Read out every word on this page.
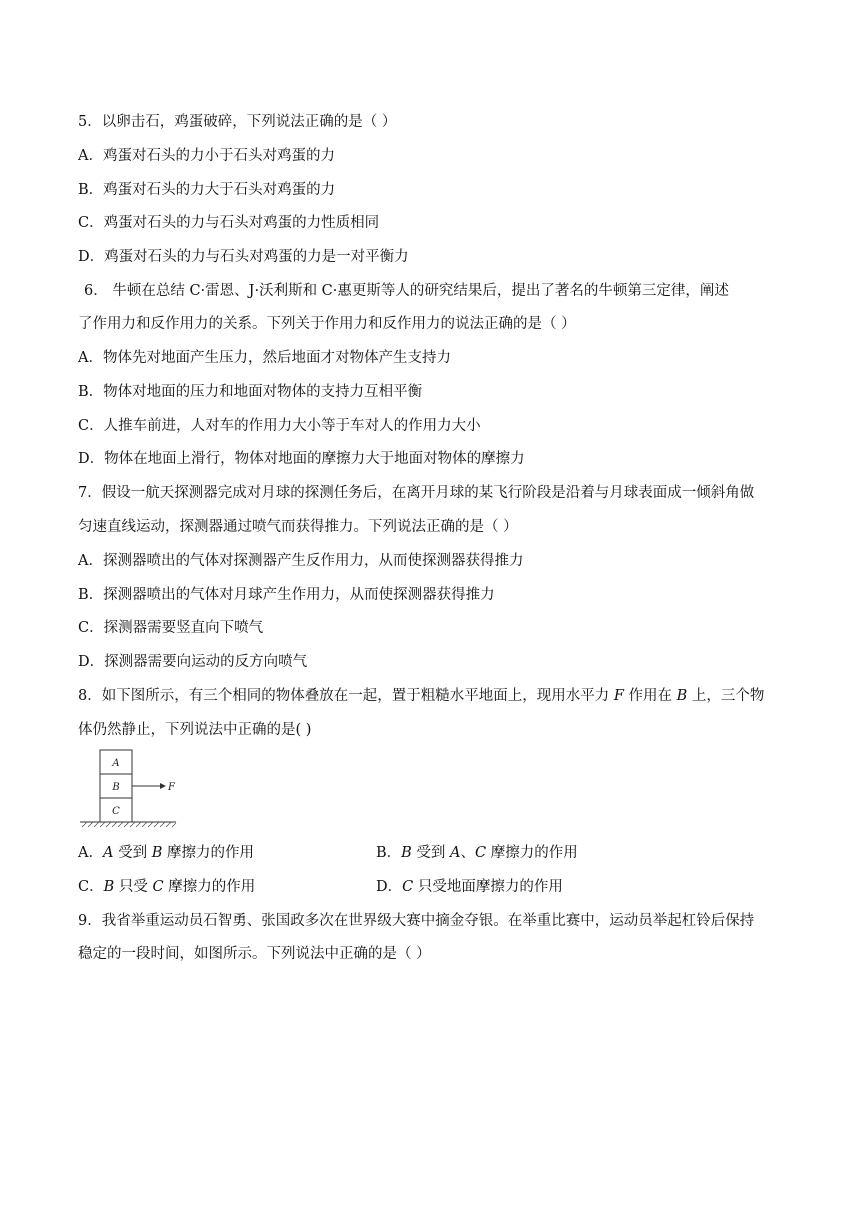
5．以卵击石，鸡蛋破碎，下列说法正确的是（ ）
A．鸡蛋对石头的力小于石头对鸡蛋的力
B．鸡蛋对石头的力大于石头对鸡蛋的力
C．鸡蛋对石头的力与石头对鸡蛋的力性质相同
D．鸡蛋对石头的力与石头对鸡蛋的力是一对平衡力
6． 牛顿在总结 C·雷恩、J·沃利斯和 C·惠更斯等人的研究结果后，提出了著名的牛顿第三定律，阐述
了作用力和反作用力的关系。下列关于作用力和反作用力的说法正确的是（ ）
A．物体先对地面产生压力，然后地面才对物体产生支持力
B．物体对地面的压力和地面对物体的支持力互相平衡
C．人推车前进，人对车的作用力大小等于车对人的作用力大小
D．物体在地面上滑行，物体对地面的摩擦力大于地面对物体的摩擦力
7．假设一航天探测器完成对月球的探测任务后，在离开月球的某飞行阶段是沿着与月球表面成一倾斜角做
匀速直线运动，探测器通过喷气而获得推力。下列说法正确的是（ ）
A．探测器喷出的气体对探测器产生反作用力，从而使探测器获得推力
B．探测器喷出的气体对月球产生作用力，从而使探测器获得推力
C．探测器需要竖直向下喷气
D．探测器需要向运动的反方向喷气
8．如下图所示，有三个相同的物体叠放在一起，置于粗糙水平地面上，现用水平力 F 作用在 B 上，三个物
体仍然静止，下列说法中正确的是( )
A
B
C
F
A．A 受到 B 摩擦力的作用	B．B 受到 A、C 摩擦力的作用
C．B 只受 C 摩擦力的作用	D．C 只受地面摩擦力的作用
9．我省举重运动员石智勇、张国政多次在世界级大赛中摘金夺银。在举重比赛中，运动员举起杠铃后保持
稳定的一段时间，如图所示。下列说法中正确的是（ ）
